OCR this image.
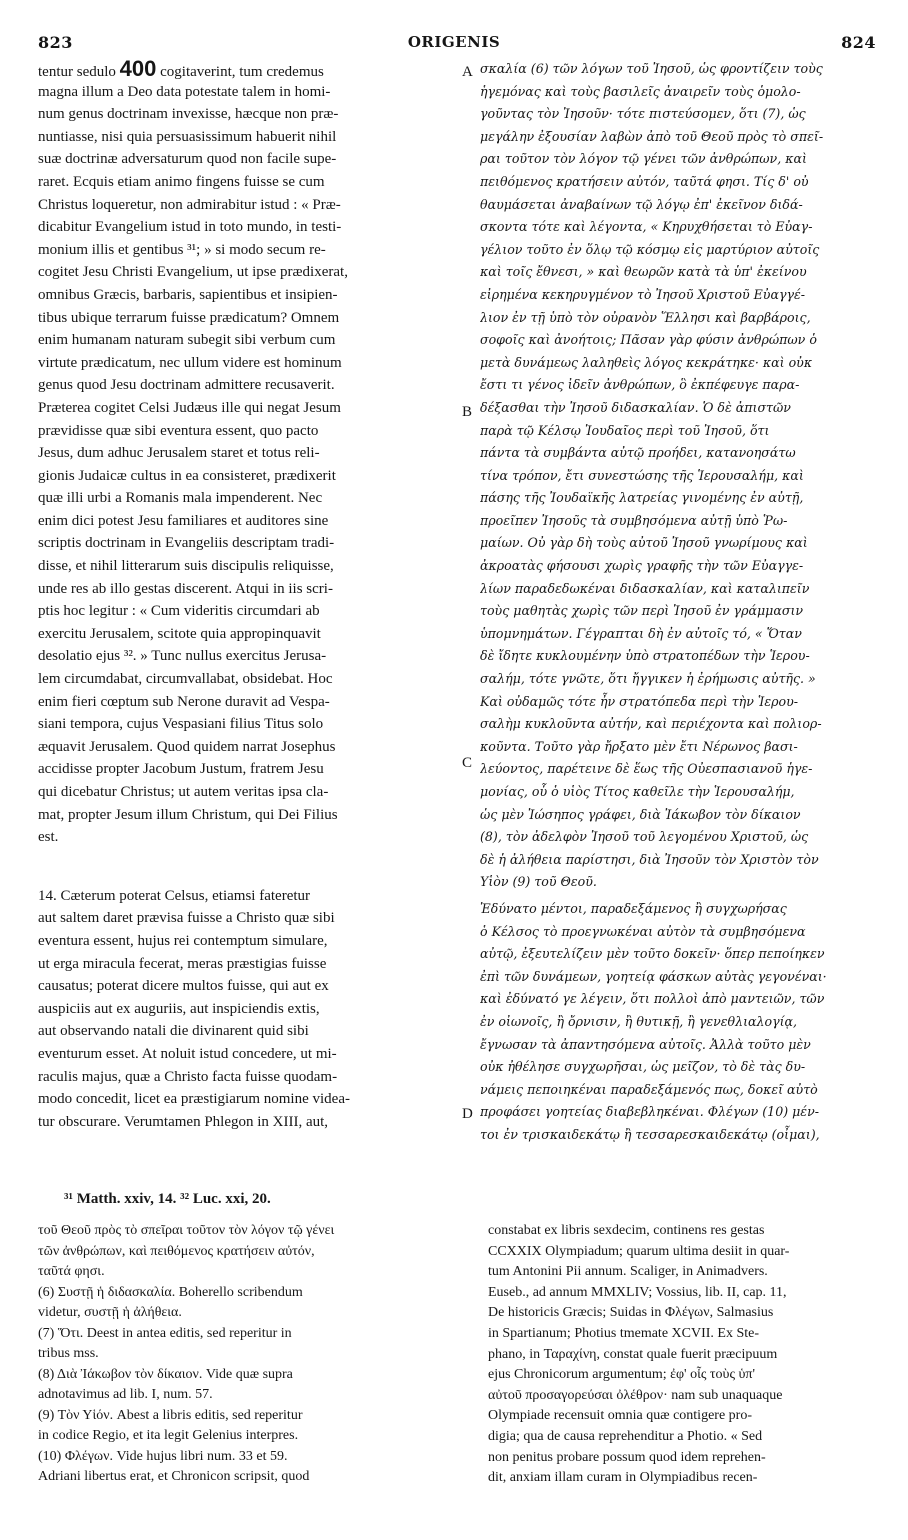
823	ORIGENIS	824
tentur sedulo 400 cogitaverint, tum credemus
magna illum a Deo data potestate talem in homi-
num genus doctrinam invexisse, hæcque non præ-
nuntiasse, nisi quia persuasissimum habuerit nihil
suæ doctrinæ adversaturum quod non facile supe-
raret. Ecquis etiam animo fingens fuisse se cum
Christus loqueretur, non admirabitur istud : « Præ-
dicabitur Evangelium istud in toto mundo, in testi-
monium illis et gentibus ³¹; » si modo secum re-
cogitet Jesu Christi Evangelium, ut ipse prædixerat,
omnibus Græcis, barbaris, sapientibus et insipien-
tibus ubique terrarum fuisse prædicatum? Omnem
enim humanam naturam subegit sibi verbum cum
virtute prædicatum, nec ullum videre est hominum
genus quod Jesu doctrinam admittere recusaverit.
Præterea cogitet Celsi Judæus ille qui negat Jesum
prævidisse quæ sibi eventura essent, quo pacto
Jesus, dum adhuc Jerusalem staret et totus reli-
gionis Judaicæ cultus in ea consisteret, prædixerit
quæ illi urbi a Romanis mala impenderent. Nec
enim dici potest Jesu familiares et auditores sine
scriptis doctrinam in Evangeliis descriptam tradi-
disse, et nihil litterarum suis discipulis reliquisse,
unde res ab illo gestas discerent. Atqui in iis scri-
ptis hoc legitur : « Cum videritis circumdari ab
exercitu Jerusalem, scitote quia appropinquavit
desolatio ejus ³². » Tunc nullus exercitus Jerusa-
lem circumdabat, circumvallabat, obsidebat. Hoc
enim fieri cœptum sub Nerone duravit ad Vespa-
siani tempora, cujus Vespasiani filius Titus solo
æquavit Jerusalem. Quod quidem narrat Josephus
accidisse propter Jacobum Justum, fratrem Jesu
qui dicebatur Christus; ut autem veritas ipsa cla-
mat, propter Jesum illum Christum, qui Dei Filius
est.
14. Cæterum poterat Celsus, etiamsi fateretur
aut saltem daret prævisa fuisse a Christo quæ sibi
eventura essent, hujus rei contemptum simulare,
ut erga miracula fecerat, meras præstigias fuisse
causatus; poterat dicere multos fuisse, qui aut ex
auspiciis aut ex auguriis, aut inspiciendis extis,
aut observando natali die divinarent quid sibi
eventurum esset. At noluit istud concedere, ut mi-
raculis majus, quæ a Christo facta fuisse quodam-
modo concedit, licet ea præstigiarum nomine videa-
tur obscurare. Verumtamen Phlegon in XIII, aut,
σκαλία (6) τῶν λόγων τοῦ Ἰησοῦ, ὡς φροντίζειν τοὺς
ἡγεμόνας καὶ τοὺς βασιλεῖς ἀναιρεῖν τοὺς ὁμολο-
γοῦντας τὸν Ἰησοῦν· τότε πιστεύσομεν, ὅτι (7), ὡς
μεγάλην ἐξουσίαν λαβὼν ἀπὸ τοῦ Θεοῦ πρὸς τὸ σπεῖ-
ραι τοῦτον τὸν λόγον τῷ γένει τῶν ἀνθρώπων, καὶ
πειθόμενος κρατήσειν αὐτόν, ταῦτά φησι. Τίς δ' οὐ
θαυμάσεται ἀναβαίνων τῷ λόγῳ ἐπ' ἐκεῖνον διδά-
σκοντα τότε καὶ λέγοντα, « Κηρυχθήσεται τὸ Εὐαγ-
γέλιον τοῦτο ἐν ὅλῳ τῷ κόσμῳ εἰς μαρτύριον αὐτοῖς
καὶ τοῖς ἔθνεσι, » καὶ θεωρῶν κατὰ τὰ ὑπ' ἐκείνου
εἰρημένα κεκηρυγμένον τὸ Ἰησοῦ Χριστοῦ Εὐαγγέ-
λιον ἐν τῇ ὑπὸ τὸν οὐρανὸν Ἕλλησι καὶ βαρβάροις,
σοφοῖς καὶ ἀνοήτοις; Πᾶσαν γὰρ φύσιν ἀνθρώπων ὁ
μετὰ δυνάμεως λαληθεὶς λόγος κεκράτηκε· καὶ οὐκ
ἔστι τι γένος ἰδεῖν ἀνθρώπων, ὃ ἐκπέφευγε παρα-
δέξασθαι τὴν Ἰησοῦ διδασκαλίαν. Ὁ δὲ ἀπιστῶν
παρὰ τῷ Κέλσῳ Ἰουδαῖος περὶ τοῦ Ἰησοῦ, ὅτι
πάντα τὰ συμβάντα αὐτῷ προήδει, κατανοησάτω
τίνα τρόπον, ἔτι συνεστώσης τῆς Ἱερουσαλήμ, καὶ
πάσης τῆς Ἰουδαϊκῆς λατρείας γινομένης ἐν αὐτῇ,
προεῖπεν Ἰησοῦς τὰ συμβησόμενα αὐτῇ ὑπὸ Ῥω-
μαίων. Οὐ γὰρ δὴ τοὺς αὐτοῦ Ἰησοῦ γνωρίμους καὶ
ἀκροατὰς φήσουσι χωρὶς γραφῆς τὴν τῶν Εὐαγγε-
λίων παραδεδωκέναι διδασκαλίαν, καὶ καταλιπεῖν
τοὺς μαθητὰς χωρὶς τῶν περὶ Ἰησοῦ ἐν γράμμασιν
ὑπομνημάτων. Γέγραπται δὴ ἐν αὐτοῖς τό, « Ὅταν
δὲ ἴδητε κυκλουμένην ὑπὸ στρατοπέδων τὴν Ἱερου-
σαλήμ, τότε γνῶτε, ὅτι ἤγγικεν ἡ ἐρήμωσις αὐτῆς. »
Καὶ οὐδαμῶς τότε ἦν στρατόπεδα περὶ τὴν Ἱερου-
σαλὴμ κυκλοῦντα αὐτήν, καὶ περιέχοντα καὶ πολιορ-
κοῦντα. Τοῦτο γὰρ ἤρξατο μὲν ἔτι Νέρωνος βασι-
λεύοντος, παρέτεινε δὲ ἕως τῆς Οὐεσπασιανοῦ ἡγε-
μονίας, οὗ ὁ υἱὸς Τίτος καθεῖλε τὴν Ἱερουσαλήμ,
ὡς μὲν Ἰώσηπος γράφει, διὰ Ἰάκωβον τὸν δίκαιον
(8), τὸν ἀδελφὸν Ἰησοῦ τοῦ λεγομένου Χριστοῦ, ὡς
δὲ ἡ ἀλήθεια παρίστησι, διὰ Ἰησοῦν τὸν Χριστὸν τὸν
Υἱὸν (9) τοῦ Θεοῦ.
Ἐδύνατο μέντοι, παραδεξάμενος ἢ συγχωρήσας
ὁ Κέλσος τὸ προεγνωκέναι αὐτὸν τὰ συμβησόμενα
αὐτῷ, ἐξευτελίζειν μὲν τοῦτο δοκεῖν· ὅπερ πεποίηκεν
ἐπὶ τῶν δυνάμεων, γοητείᾳ φάσκων αὐτὰς γεγονέναι·
καὶ ἐδύνατό γε λέγειν, ὅτι πολλοὶ ἀπὸ μαντειῶν, τῶν
ἐν οἰωνοῖς, ἢ ὄρνισιν, ἢ θυτικῇ, ἢ γενεθλιαλογίᾳ,
ἔγνωσαν τὰ ἀπαντησόμενα αὐτοῖς. Ἀλλὰ τοῦτο μὲν
οὐκ ἠθέλησε συγχωρῆσαι, ὡς μεῖζον, τὸ δὲ τὰς δυ-
νάμεις πεποιηκέναι παραδεξάμενός πως, δοκεῖ αὐτὸ
προφάσει γοητείας διαβεβληκέναι. Φλέγων (10) μέν-
τοι ἐν τρισκαιδεκάτῳ ἢ τεσσαρεσκαιδεκάτῳ (οἶμαι),
A
B
C
D
³¹ Matth. xxiv, 14. ³² Luc. xxi, 20.
τοῦ Θεοῦ πρὸς τὸ σπεῖραι τοῦτον τὸν λόγον τῷ γένει
τῶν ἀνθρώπων, καὶ πειθόμενος κρατήσειν αὐτόν,
ταῦτά φησι.
(6) Συστῇ ἡ διδασκαλία. Boherello scribendum
videtur, συστῇ ἡ ἀλήθεια.
(7) Ὅτι. Deest in antea editis, sed reperitur in
tribus mss.
(8) Διὰ Ἰάκωβον τὸν δίκαιον. Vide quæ supra
adnotavimus ad lib. I, num. 57.
(9) Τὸν Υἱόν. Abest a libris editis, sed reperitur
in codice Regio, et ita legit Gelenius interpres.
(10) Φλέγων. Vide hujus libri num. 33 et 59.
Adriani libertus erat, et Chronicon scripsit, quod
constabat ex libris sexdecim, continens res gestas
CCXXIX Olympiadum; quarum ultima desiit in quar-
tum Antonini Pii annum. Scaliger, in Animadvers.
Euseb., ad annum MMXLIV; Vossius, lib. II, cap. 11,
De historicis Græcis; Suidas in Φλέγων, Salmasius
in Spartianum; Photius tmemate XCVII. Ex Ste-
phano, in Ταραχίνη, constat quale fuerit præcipuum
ejus Chronicorum argumentum; ἐφ' οἷς τοὺς ὑπ'
αὐτοῦ προσαγορεύσαι ὀλέθρον· nam sub unaquaque
Olympiade recensuit omnia quæ contigere pro-
digia; qua de causa reprehenditur a Photio. « Sed
non penitus probare possum quod idem reprehen-
dit, anxiam illam curam in Olympiadibus recen-
